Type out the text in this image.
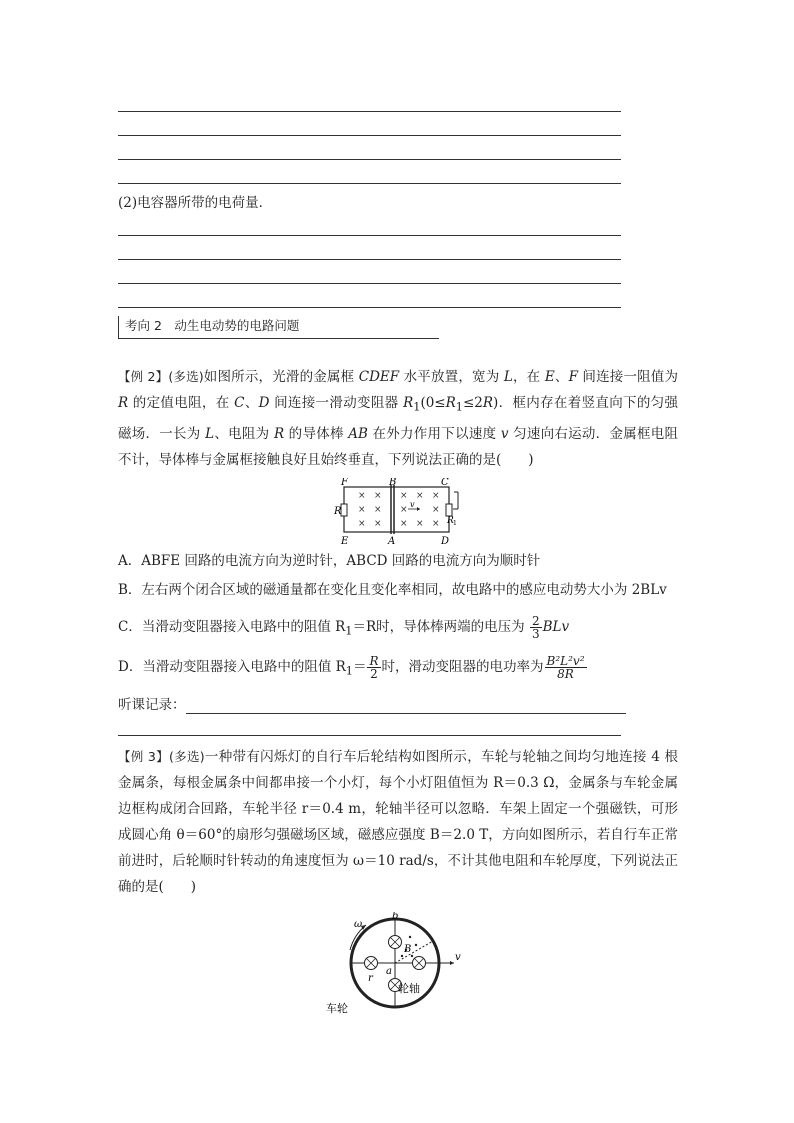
(2)电容器所带的电荷量．
考向 2　动生电动势的电路问题
【例 2】(多选)如图所示，光滑的金属框 CDEF 水平放置，宽为 L，在 E、F 间连接一阻值为 R 的定值电阻，在 C、D 间连接一滑动变阻器 $R_1(0\le R_1\le 2R)$．框内存在着竖直向下的匀强磁场．一长为 L、电阻为 R 的导体棒 AB 在外力作用下以速度 v 匀速向右运动．金属框电阻不计，导体棒与金属框接触良好且始终垂直，下列说法正确的是(　　)
× ×
× ×
× ×
× × ×
×	×
× × ×
v
F	B	C
E	A	D
R
R 1
A．ABFE 回路的电流方向为逆时针，ABCD 回路的电流方向为顺时针
B．左右两个闭合区域的磁通量都在变化且变化率相同，故电路中的感应电动势大小为 2BLv
C．当滑动变阻器接入电路中的阻值 $R_1=R$时，导体棒两端的电压为 $\frac{2}{3}$ BLv
D．当滑动变阻器接入电路中的阻值 $R_1= \frac{R}{2}$ 时，滑动变阻器的电功率为 $\frac{\text{B²L²v²}}{8R}$
听课记录：
【例 3】(多选)一种带有闪烁灯的自行车后轮结构如图所示，车轮与轮轴之间均匀地连接 4 根金属条，每根金属条中间都串接一个小灯，每个小灯阻值恒为 R＝0.3 Ω，金属条与车轮金属边框构成闭合回路，车轮半径 r＝0.4 m，轮轴半径可以忽略．车架上固定一个强磁铁，可形成圆心角 θ＝60°的扇形匀强磁场区域，磁感应强度 B＝2.0 T，方向如图所示，若自行车正常前进时，后轮顺时针转动的角速度恒为 ω＝10 rad/s，不计其他电阻和车轮厚度，下列说法正确的是(　　)
ω
b
B
a
r
v
轮轴
车轮
